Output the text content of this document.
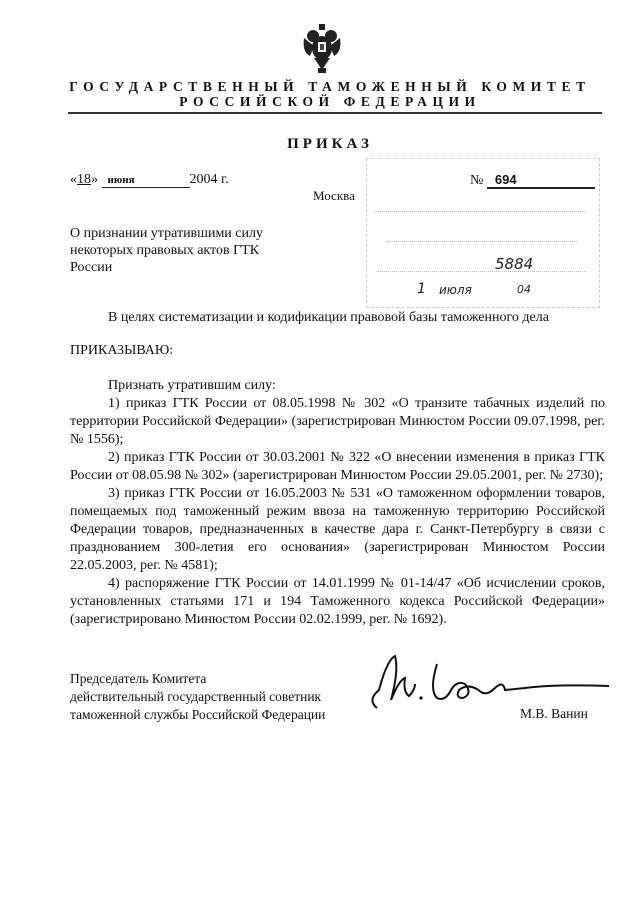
ГОСУДАРСТВЕННЫЙ ТАМОЖЕННЫЙ КОМИТЕТ
РОССИЙСКОЙ ФЕДЕРАЦИИ
ПРИКАЗ
«18» июня	2004 г.
Москва
5884
1 июля	04
№ 694
О признании утратившими силу некоторых правовых актов ГТК России
В целях систематизации и кодификации правовой базы таможенного дела
ПРИКАЗЫВАЮ:

Признать утратившим силу:

1) приказ ГТК России от 08.05.1998 № 302 «О транзите табачных изделий по территории Российской Федерации» (зарегистрирован Минюстом России 09.07.1998, рег. № 1556);

2) приказ ГТК России от 30.03.2001 № 322 «О внесении изменения в приказ ГТК России от 08.05.98 № 302» (зарегистрирован Минюстом России 29.05.2001, рег. № 2730);

3) приказ ГТК России от 16.05.2003 № 531 «О таможенном оформлении товаров, помещаемых под таможенный режим ввоза на таможенную территорию Российской Федерации товаров, предназначенных в качестве дара г. Санкт-Петербургу в связи с празднованием 300-летия его основания» (зарегистрирован Минюстом России 22.05.2003, рег. № 4581);

4) распоряжение ГТК России от 14.01.1999 № 01-14/47 «Об исчислении сроков, установленных статьями 171 и 194 Таможенного кодекса Российской Федерации» (зарегистрировано Минюстом России 02.02.1999, рег. № 1692).

Председатель Комитета
действительный государственный советник
таможенной службы Российской Федерации	М.В. Ванин
